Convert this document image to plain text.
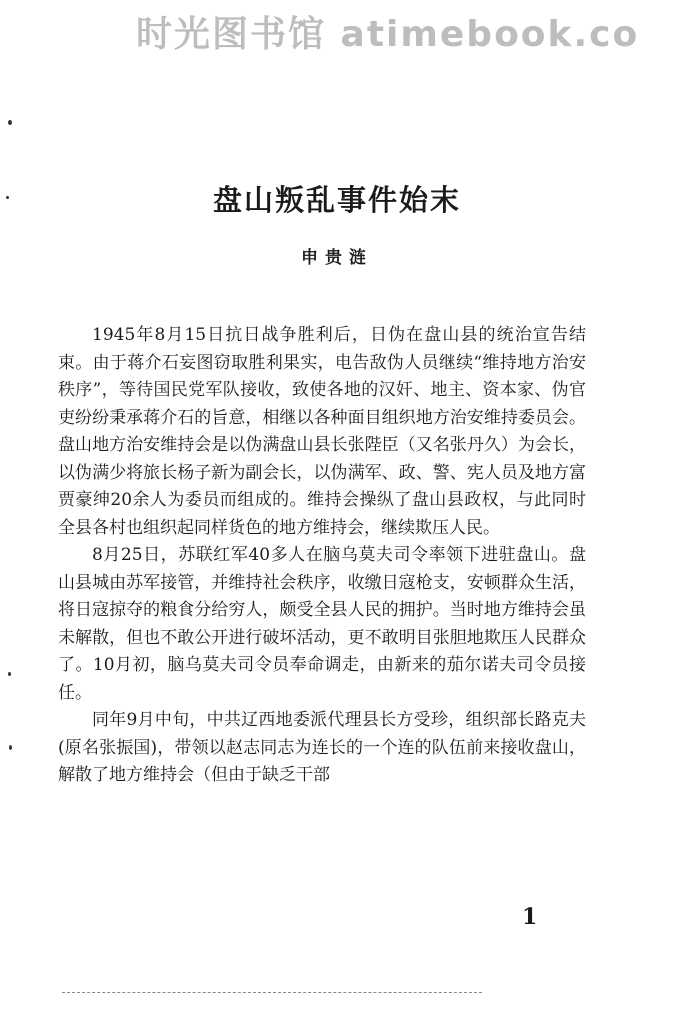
时光图书馆 atimebook.co
盘山叛乱事件始末
申贵涟

1945年8月15日抗日战争胜利后，日伪在盘山县的统治宣告结束。由于蒋介石妄图窃取胜利果实，电告敌伪人员继续“维持地方治安秩序”，等待国民党军队接收，致使各地的汉奸、地主、资本家、伪官吏纷纷秉承蒋介石的旨意，相继以各种面目组织地方治安维持委员会。盘山地方治安维持会是以伪满盘山县长张陛臣（又名张丹久）为会长，以伪满少将旅长杨子新为副会长，以伪满军、政、警、宪人员及地方富贾豪绅20余人为委员而组成的。维持会操纵了盘山县政权，与此同时全县各村也组织起同样货色的地方维持会，继续欺压人民。

8月25日，苏联红军40多人在脑乌莫夫司令率领下进驻盘山。盘山县城由苏军接管，并维持社会秩序，收缴日寇枪支，安顿群众生活，将日寇掠夺的粮食分给穷人，颇受全县人民的拥护。当时地方维持会虽未解散，但也不敢公开进行破坏活动，更不敢明目张胆地欺压人民群众了。10月初，脑乌莫夫司令员奉命调走，由新来的茄尔诺夫司令员接任。

同年9月中旬，中共辽西地委派代理县长方受珍，组织部长路克夫(原名张振国)，带领以赵志同志为连长的一个连的队伍前来接收盘山，解散了地方维持会（但由于缺乏干部

1
